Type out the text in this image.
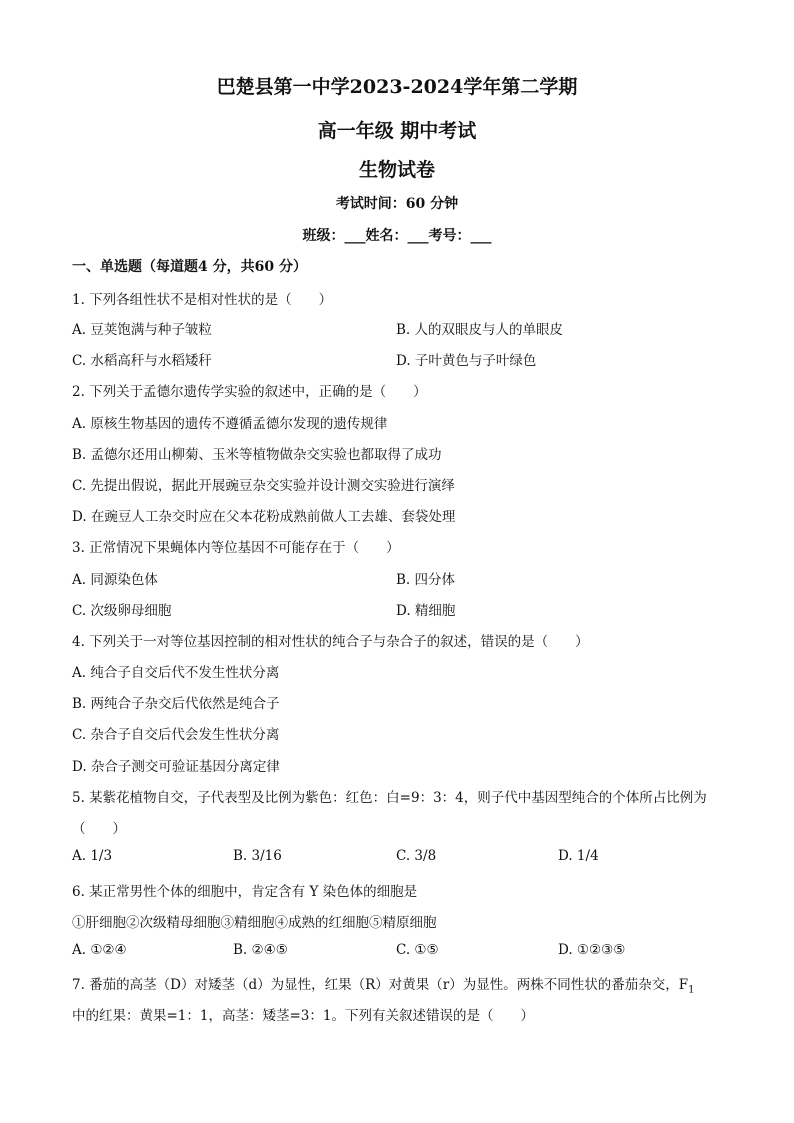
巴楚县第一中学2023-2024学年第二学期
高一年级 期中考试
生物试卷
考试时间：60 分钟
班级：___姓名：___考号：___
一、单选题（每道题4 分，共60 分）
1. 下列各组性状不是相对性状的是（　　）
A. 豆荚饱满与种子皱粒	B. 人的双眼皮与人的单眼皮
C. 水稻高秆与水稻矮秆	D. 子叶黄色与子叶绿色
2. 下列关于孟德尔遗传学实验的叙述中，正确的是（　　）
A. 原核生物基因的遗传不遵循孟德尔发现的遗传规律
B. 孟德尔还用山柳菊、玉米等植物做杂交实验也都取得了成功
C. 先提出假说，据此开展豌豆杂交实验并设计测交实验进行演绎
D. 在豌豆人工杂交时应在父本花粉成熟前做人工去雄、套袋处理
3. 正常情况下果蝇体内等位基因不可能存在于（　　）
A. 同源染色体	B. 四分体
C. 次级卵母细胞	D. 精细胞
4. 下列关于一对等位基因控制的相对性状的纯合子与杂合子的叙述，错误的是（　　）
A. 纯合子自交后代不发生性状分离
B. 两纯合子杂交后代依然是纯合子
C. 杂合子自交后代会发生性状分离
D. 杂合子测交可验证基因分离定律
5. 某紫花植物自交，子代表型及比例为紫色：红色：白=9：3：4，则子代中基因型纯合的个体所占比例为
（　　）
A. 1/3	B. 3/16	C. 3/8	D. 1/4
6. 某正常男性个体的细胞中，肯定含有 Y 染色体的细胞是
①肝细胞②次级精母细胞③精细胞④成熟的红细胞⑤精原细胞
A. ①②④	B. ②④⑤	C. ①⑤	D. ①②③⑤
7. 番茄的高茎（D）对矮茎（d）为显性，红果（R）对黄果（r）为显性。两株不同性状的番茄杂交，$F_1$
中的红果：黄果=1：1，高茎：矮茎=3：1。下列有关叙述错误的是（　　）
